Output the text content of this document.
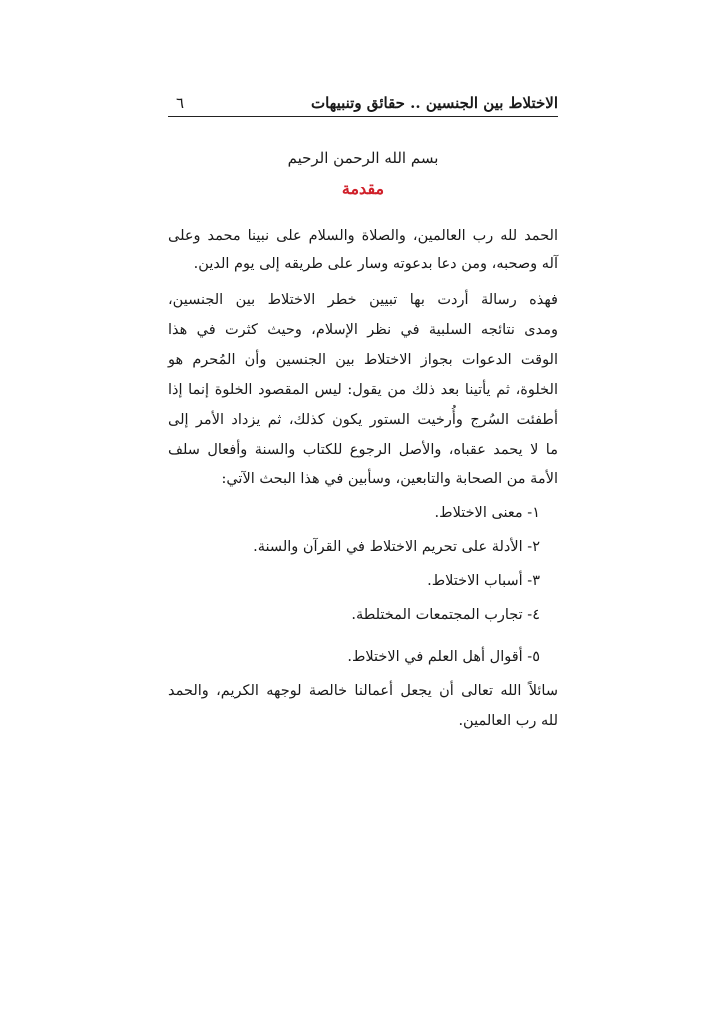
الاختلاط بين الجنسين .. حقائق وتنبيهات
٦
بسم الله الرحمن الرحيم
مقدمة
الحمد لله رب العالمين، والصلاة والسلام على نبينا محمد وعلى
آله وصحبه، ومن دعا بدعوته وسار على طريقه إلى يوم الدين.
فهذه رسالة أردت بها تبيين خطر الاختلاط بين الجنسين،
ومدى نتائجه السلبية في نظر الإسلام، وحيث كثرت في هذا
الوقت الدعوات بجواز الاختلاط بين الجنسين وأن المُحرم هو
الخلوة، ثم يأتينا بعد ذلك من يقول: ليس المقصود الخلوة إنما إذا
أطفئت السُرج وأُرخيت الستور يكون كذلك، ثم يزداد الأمر إلى
ما لا يحمد عقباه، والأصل الرجوع للكتاب والسنة وأفعال سلف
الأمة من الصحابة والتابعين، وسأبين في هذا البحث الآتي:
١- معنى الاختلاط.
٢- الأدلة على تحريم الاختلاط في القرآن والسنة.
٣- أسباب الاختلاط.
٤- تجارب المجتمعات المختلطة.
٥- أقوال أهل العلم في الاختلاط.
سائلاً الله تعالى أن يجعل أعمالنا خالصة لوجهه الكريم، والحمد
لله رب العالمين.
